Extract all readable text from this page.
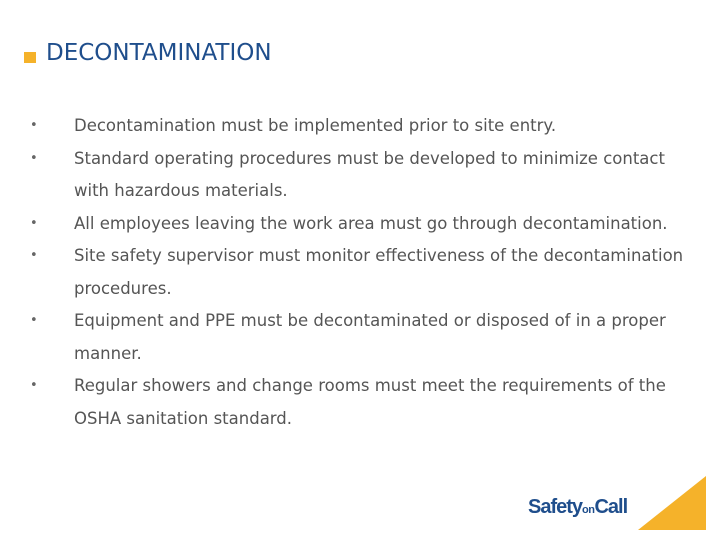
DECONTAMINATION
• Decontamination must be implemented prior to site entry.
• Standard operating procedures must be developed to minimize contact with hazardous materials.
• All employees leaving the work area must go through decontamination.
• Site safety supervisor must monitor effectiveness of the decontamination procedures.
• Equipment and PPE must be decontaminated or disposed of in a proper manner.
• Regular showers and change rooms must meet the requirements of the OSHA sanitation standard.
SafetyonCall
